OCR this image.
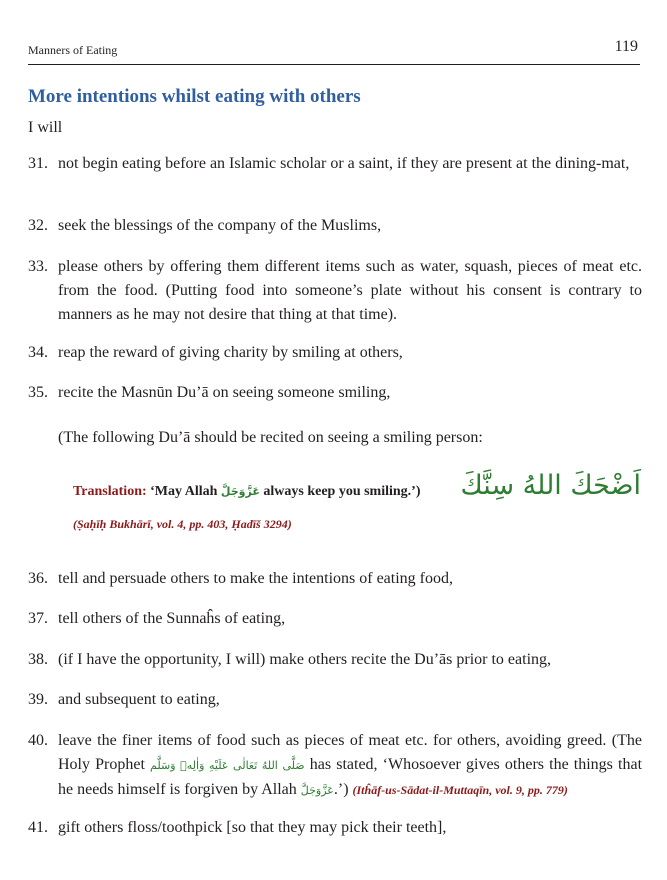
Manners of Eating	119
More intentions whilst eating with others
I will
31. not begin eating before an Islamic scholar or a saint, if they are present at the dining-mat,
32. seek the blessings of the company of the Muslims,
33. please others by offering them different items such as water, squash, pieces of meat etc. from the food. (Putting food into someone’s plate without his consent is contrary to manners as he may not desire that thing at that time).
34. reap the reward of giving charity by smiling at others,
35. recite the Masnūn Du’ā on seeing someone smiling,
(The following Du’ā should be recited on seeing a smiling person:
اَضْحَكَ اللهُ سِنَّكَ
Translation: ‘May Allah عَزَّوَجَلَّ always keep you smiling.’)
(Ṣaḥīḥ Bukhārī, vol. 4, pp. 403, Ḥadīš 3294)
36. tell and persuade others to make the intentions of eating food,
37. tell others of the Sunnaĥs of eating,
38. (if I have the opportunity, I will) make others recite the Du’ās prior to eating,
39. and subsequent to eating,
40. leave the finer items of food such as pieces of meat etc. for others, avoiding greed. (The Holy Prophet صَلَّى اللهُ تَعَالٰى عَلَيْهِ وَاٰلِهٖ وَسَلَّم has stated, ‘Whosoever gives others the things that he needs himself is forgiven by Allah عَزَّوَجَلَّ.’) (Itĥāf-us-Sādat-il-Muttaqīn, vol. 9, pp. 779)
41. gift others floss/toothpick [so that they may pick their teeth],
